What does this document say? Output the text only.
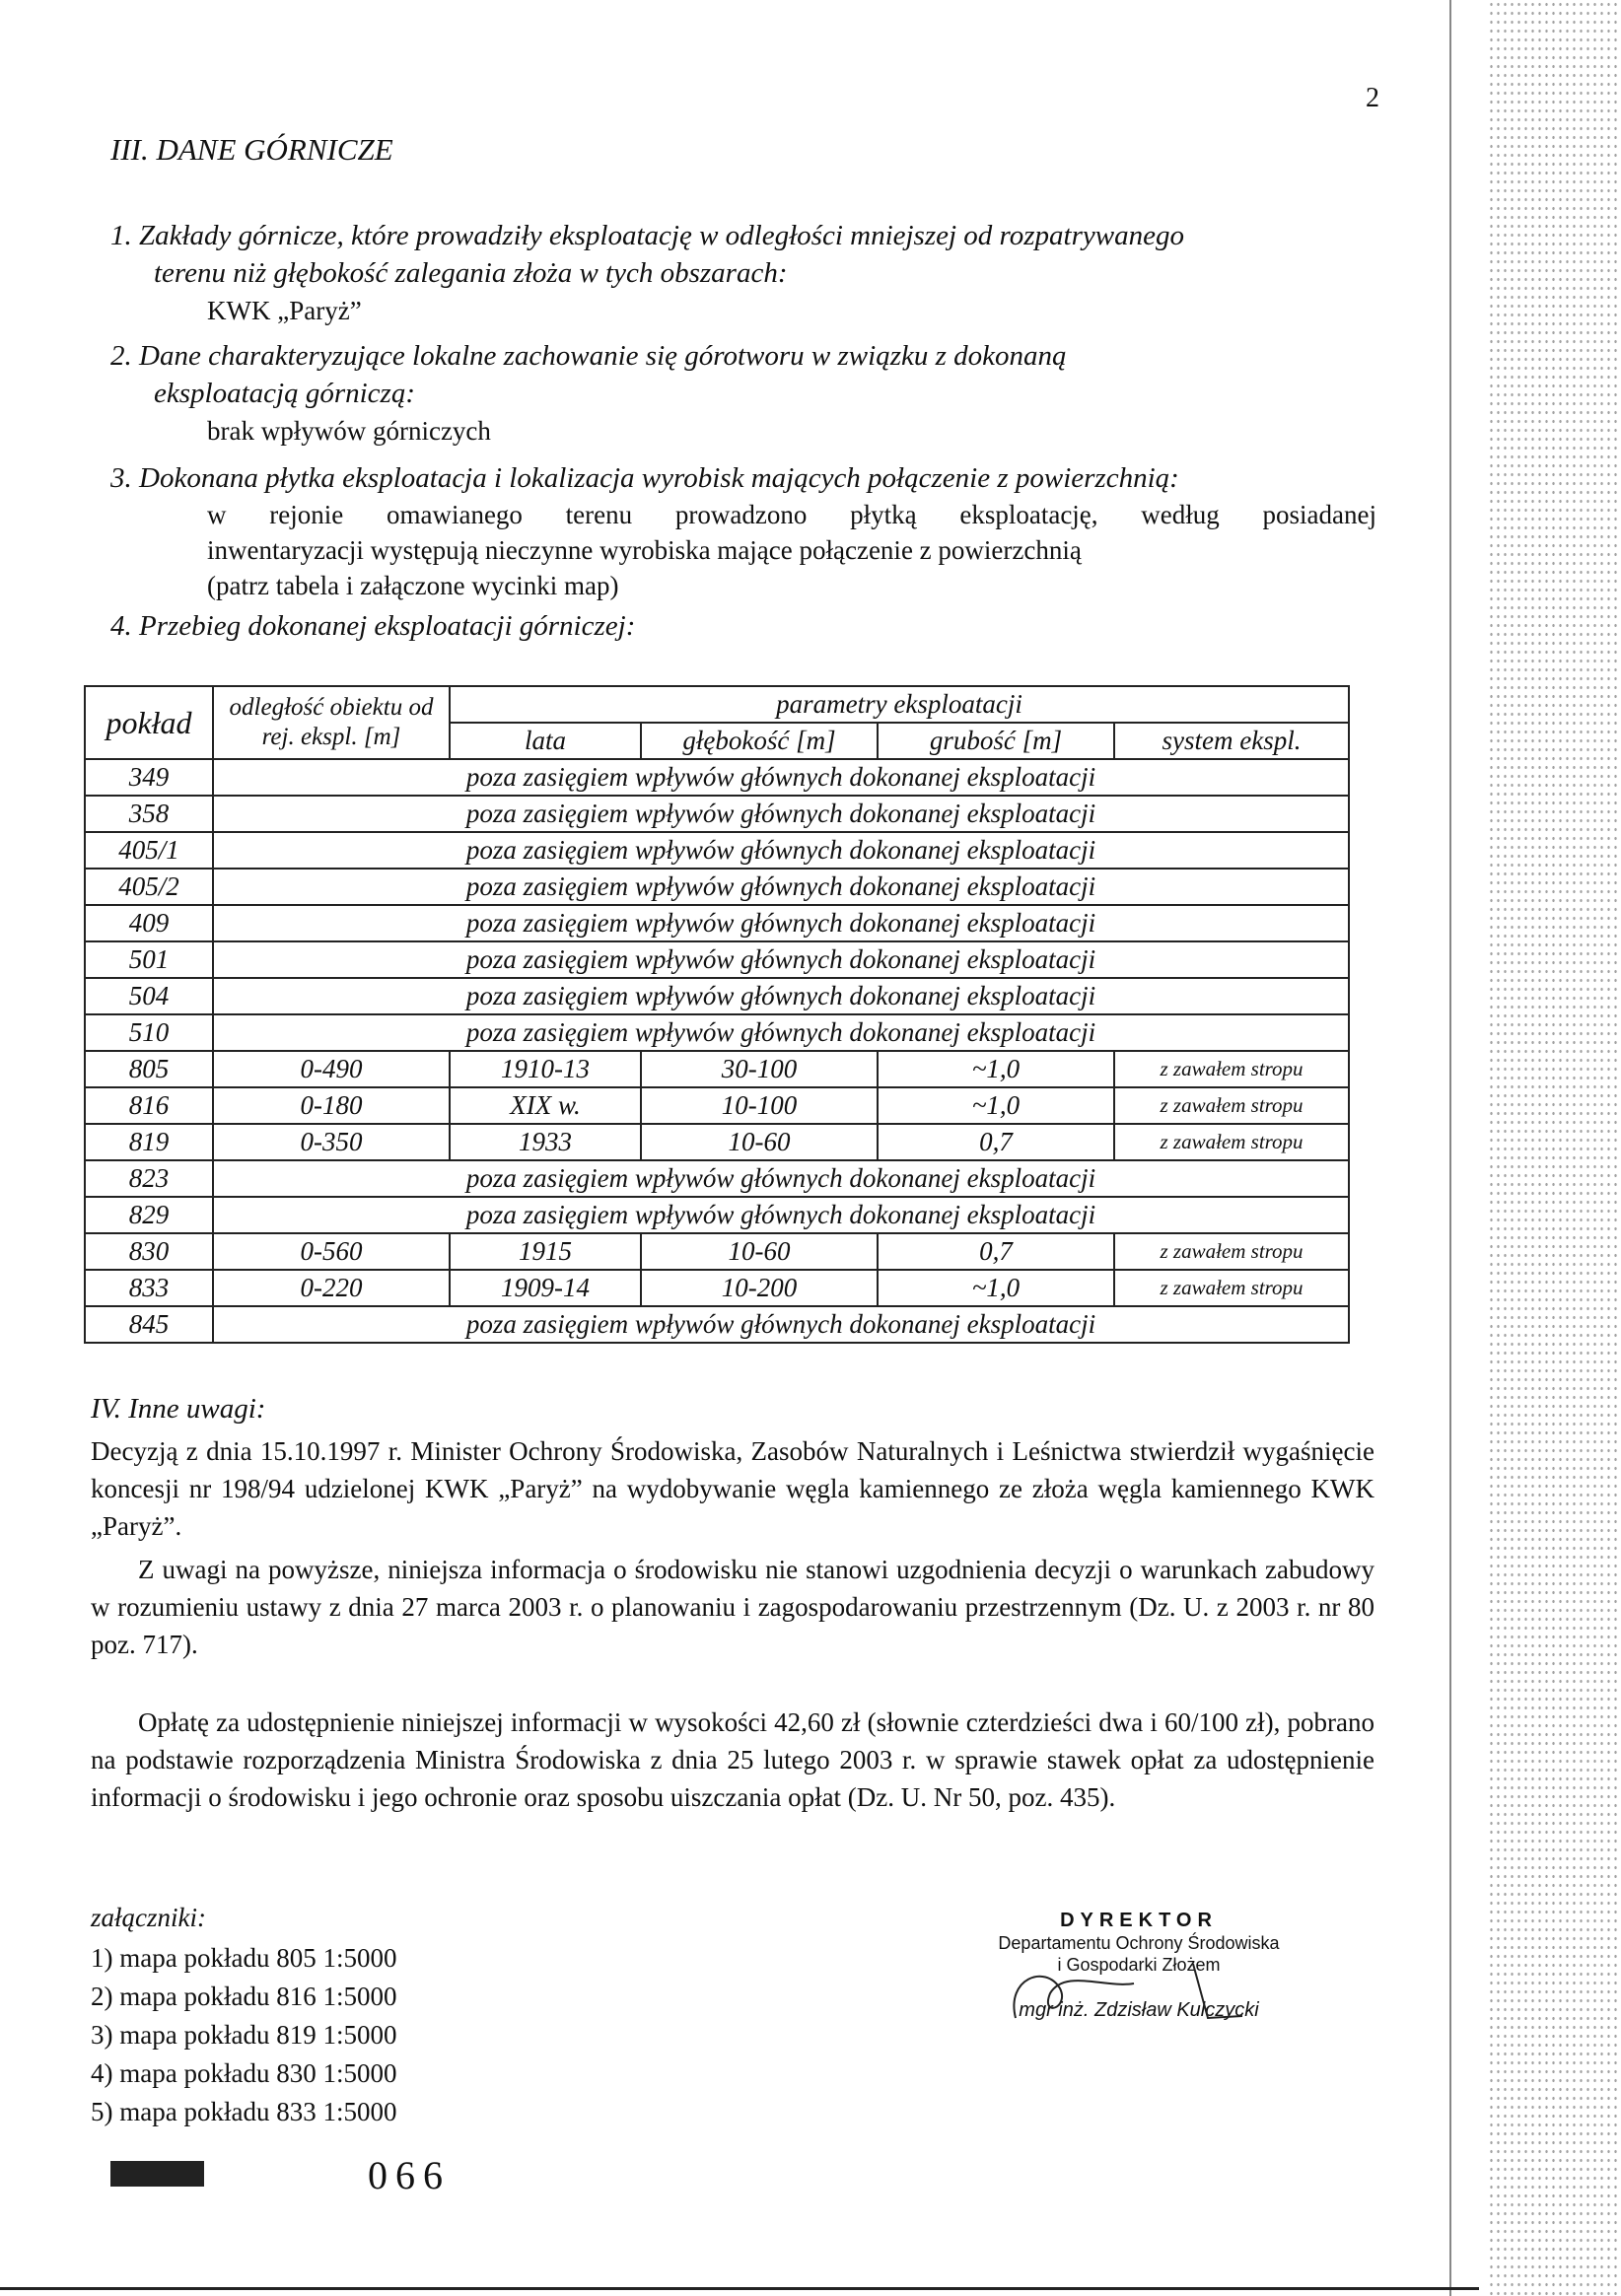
2
III. DANE GÓRNICZE
1. Zakłady górnicze, które prowadziły eksploatację w odległości mniejszej od rozpatrywanego
terenu niż głębokość zalegania złoża w tych obszarach:
KWK „Paryż”
2. Dane charakteryzujące lokalne zachowanie się górotworu w związku z dokonaną
eksploatacją górniczą:
brak wpływów górniczych
3. Dokonana płytka eksploatacja i lokalizacja wyrobisk mających połączenie z powierzchnią:
w rejonie omawianego terenu prowadzono płytką eksploatację, według posiadanej
inwentaryzacji występują nieczynne wyrobiska mające połączenie z powierzchnią
(patrz tabela i załączone wycinki map)
4. Przebieg dokonanej eksploatacji górniczej:
pokład	odległość obiektu od rej. ekspl. [m]	parametry eksploatacji			
		lata	głębokość [m]	grubość [m]	system ekspl.
349	poza zasięgiem wpływów głównych dokonanej eksploatacji				
358	poza zasięgiem wpływów głównych dokonanej eksploatacji				
405/1	poza zasięgiem wpływów głównych dokonanej eksploatacji				
405/2	poza zasięgiem wpływów głównych dokonanej eksploatacji				
409	poza zasięgiem wpływów głównych dokonanej eksploatacji				
501	poza zasięgiem wpływów głównych dokonanej eksploatacji				
504	poza zasięgiem wpływów głównych dokonanej eksploatacji				
510	poza zasięgiem wpływów głównych dokonanej eksploatacji				
805	0-490	1910-13	30-100	~1,0	z zawałem stropu
816	0-180	XIX w.	10-100	~1,0	z zawałem stropu
819	0-350	1933	10-60	0,7	z zawałem stropu
823	poza zasięgiem wpływów głównych dokonanej eksploatacji				
829	poza zasięgiem wpływów głównych dokonanej eksploatacji				
830	0-560	1915	10-60	0,7	z zawałem stropu
833	0-220	1909-14	10-200	~1,0	z zawałem stropu
845	poza zasięgiem wpływów głównych dokonanej eksploatacji				
IV. Inne uwagi:
Decyzją z dnia 15.10.1997 r. Minister Ochrony Środowiska, Zasobów Naturalnych i Leśnictwa stwierdził wygaśnięcie koncesji nr 198/94 udzielonej KWK „Paryż” na wydobywanie węgla kamiennego ze złoża węgla kamiennego KWK „Paryż”.
Z uwagi na powyższe, niniejsza informacja o środowisku nie stanowi uzgodnienia decyzji o warunkach zabudowy w rozumieniu ustawy z dnia 27 marca 2003 r. o planowaniu i zagospodarowaniu przestrzennym (Dz. U. z 2003 r. nr 80 poz. 717).
Opłatę za udostępnienie niniejszej informacji w wysokości 42,60 zł (słownie czterdzieści dwa i 60/100 zł), pobrano na podstawie rozporządzenia Ministra Środowiska z dnia 25 lutego 2003 r. w sprawie stawek opłat za udostępnienie informacji o środowisku i jego ochronie oraz sposobu uiszczania opłat (Dz. U. Nr 50, poz. 435).
załączniki:
1) mapa pokładu 805 1:5000
2) mapa pokładu 816 1:5000
3) mapa pokładu 819 1:5000
4) mapa pokładu 830 1:5000
5) mapa pokładu 833 1:5000
DYREKTOR
Departamentu Ochrony Środowiska
i Gospodarki Złożem
mgr inż. Zdzisław Kulczycki
066
